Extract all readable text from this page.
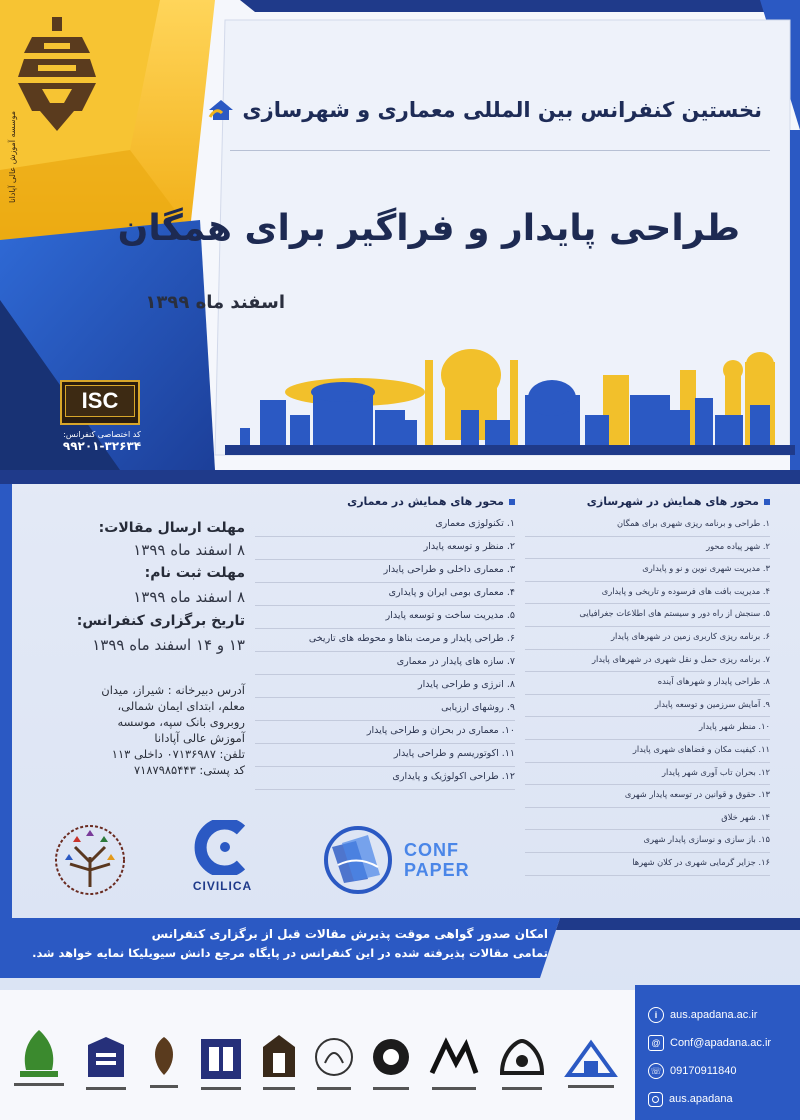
موسسه آموزش عالی آپادانا
نخستین کنفرانس بین المللی معماری و شهرسازی
طراحی پایدار و فراگیر برای همگان
اسفند ماه ۱۳۹۹
ISC
کد اختصاصی کنفرانس:
۹۹۲۰۱-۳۲۶۳۴
مهلت ارسال مقالات:
۸ اسفند ماه ۱۳۹۹
مهلت ثبت نام:
۸ اسفند ماه ۱۳۹۹
تاریخ برگزاری کنفرانس:
۱۳ و ۱۴ اسفند ماه ۱۳۹۹
آدرس دبیرخانه : شیراز، میدان
معلم، ابتدای ایمان شمالی،
روبروی بانک سپه، موسسه
آموزش عالی آپادانا
تلفن: ۰۷۱۳۶۹۸۷ داخلی ۱۱۳
کد پستی: ۷۱۸۷۹۸۵۴۴۳
محور های همایش در معماری
۱. تکنولوژی معماری
۲. منظر و توسعه پایدار
۳. معماری داخلی و طراحی پایدار
۴. معماری بومی ایران و پایداری
۵. مدیریت ساخت و توسعه پایدار
۶. طراحی پایدار و مرمت بناها و محوطه های تاریخی
۷. سازه های پایدار در معماری
۸. انرژی و طراحی پایدار
۹. روشهای ارزیابی
۱۰. معماری در بحران و طراحی پایدار
۱۱. اکوتوریسم و طراحی پایدار
۱۲. طراحی اکولوژیک و پایداری
محور های همایش در شهرسازی
۱. طراحی و برنامه ریزی شهری برای همگان
۲. شهر پیاده محور
۳. مدیریت شهری نوین و نو و پایداری
۴. مدیریت بافت های فرسوده و تاریخی و پایداری
۵. سنجش از راه دور و سیستم های اطلاعات جغرافیایی
۶. برنامه ریزی کاربری زمین در شهرهای پایدار
۷. برنامه ریزی حمل و نقل شهری در شهرهای پایدار
۸. طراحی پایدار و شهرهای آینده
۹. آمایش سرزمین و توسعه پایدار
۱۰. منظر شهر پایدار
۱۱. کیفیت مکان و فضاهای شهری پایدار
۱۲. بحران تاب آوری شهر پایدار
۱۳. حقوق و قوانین در توسعه پایدار شهری
۱۴. شهر خلاق
۱۵. باز سازی و نوسازی پایدار شهری
۱۶. جزایر گرمایی شهری در کلان شهرها
CIVILICA
CONF
PAPER
امکان صدور گواهی موقت پذیرش مقالات قبل از برگزاری کنفرانس
تمامی مقالات پذیرفته شده در این کنفرانس در پایگاه مرجع دانش سیویلیکا نمایه خواهد شد.
i	aus.apadana.ac.ir
@ Conf@apadana.ac.ir
☏ 09170911840
aus.apadana
